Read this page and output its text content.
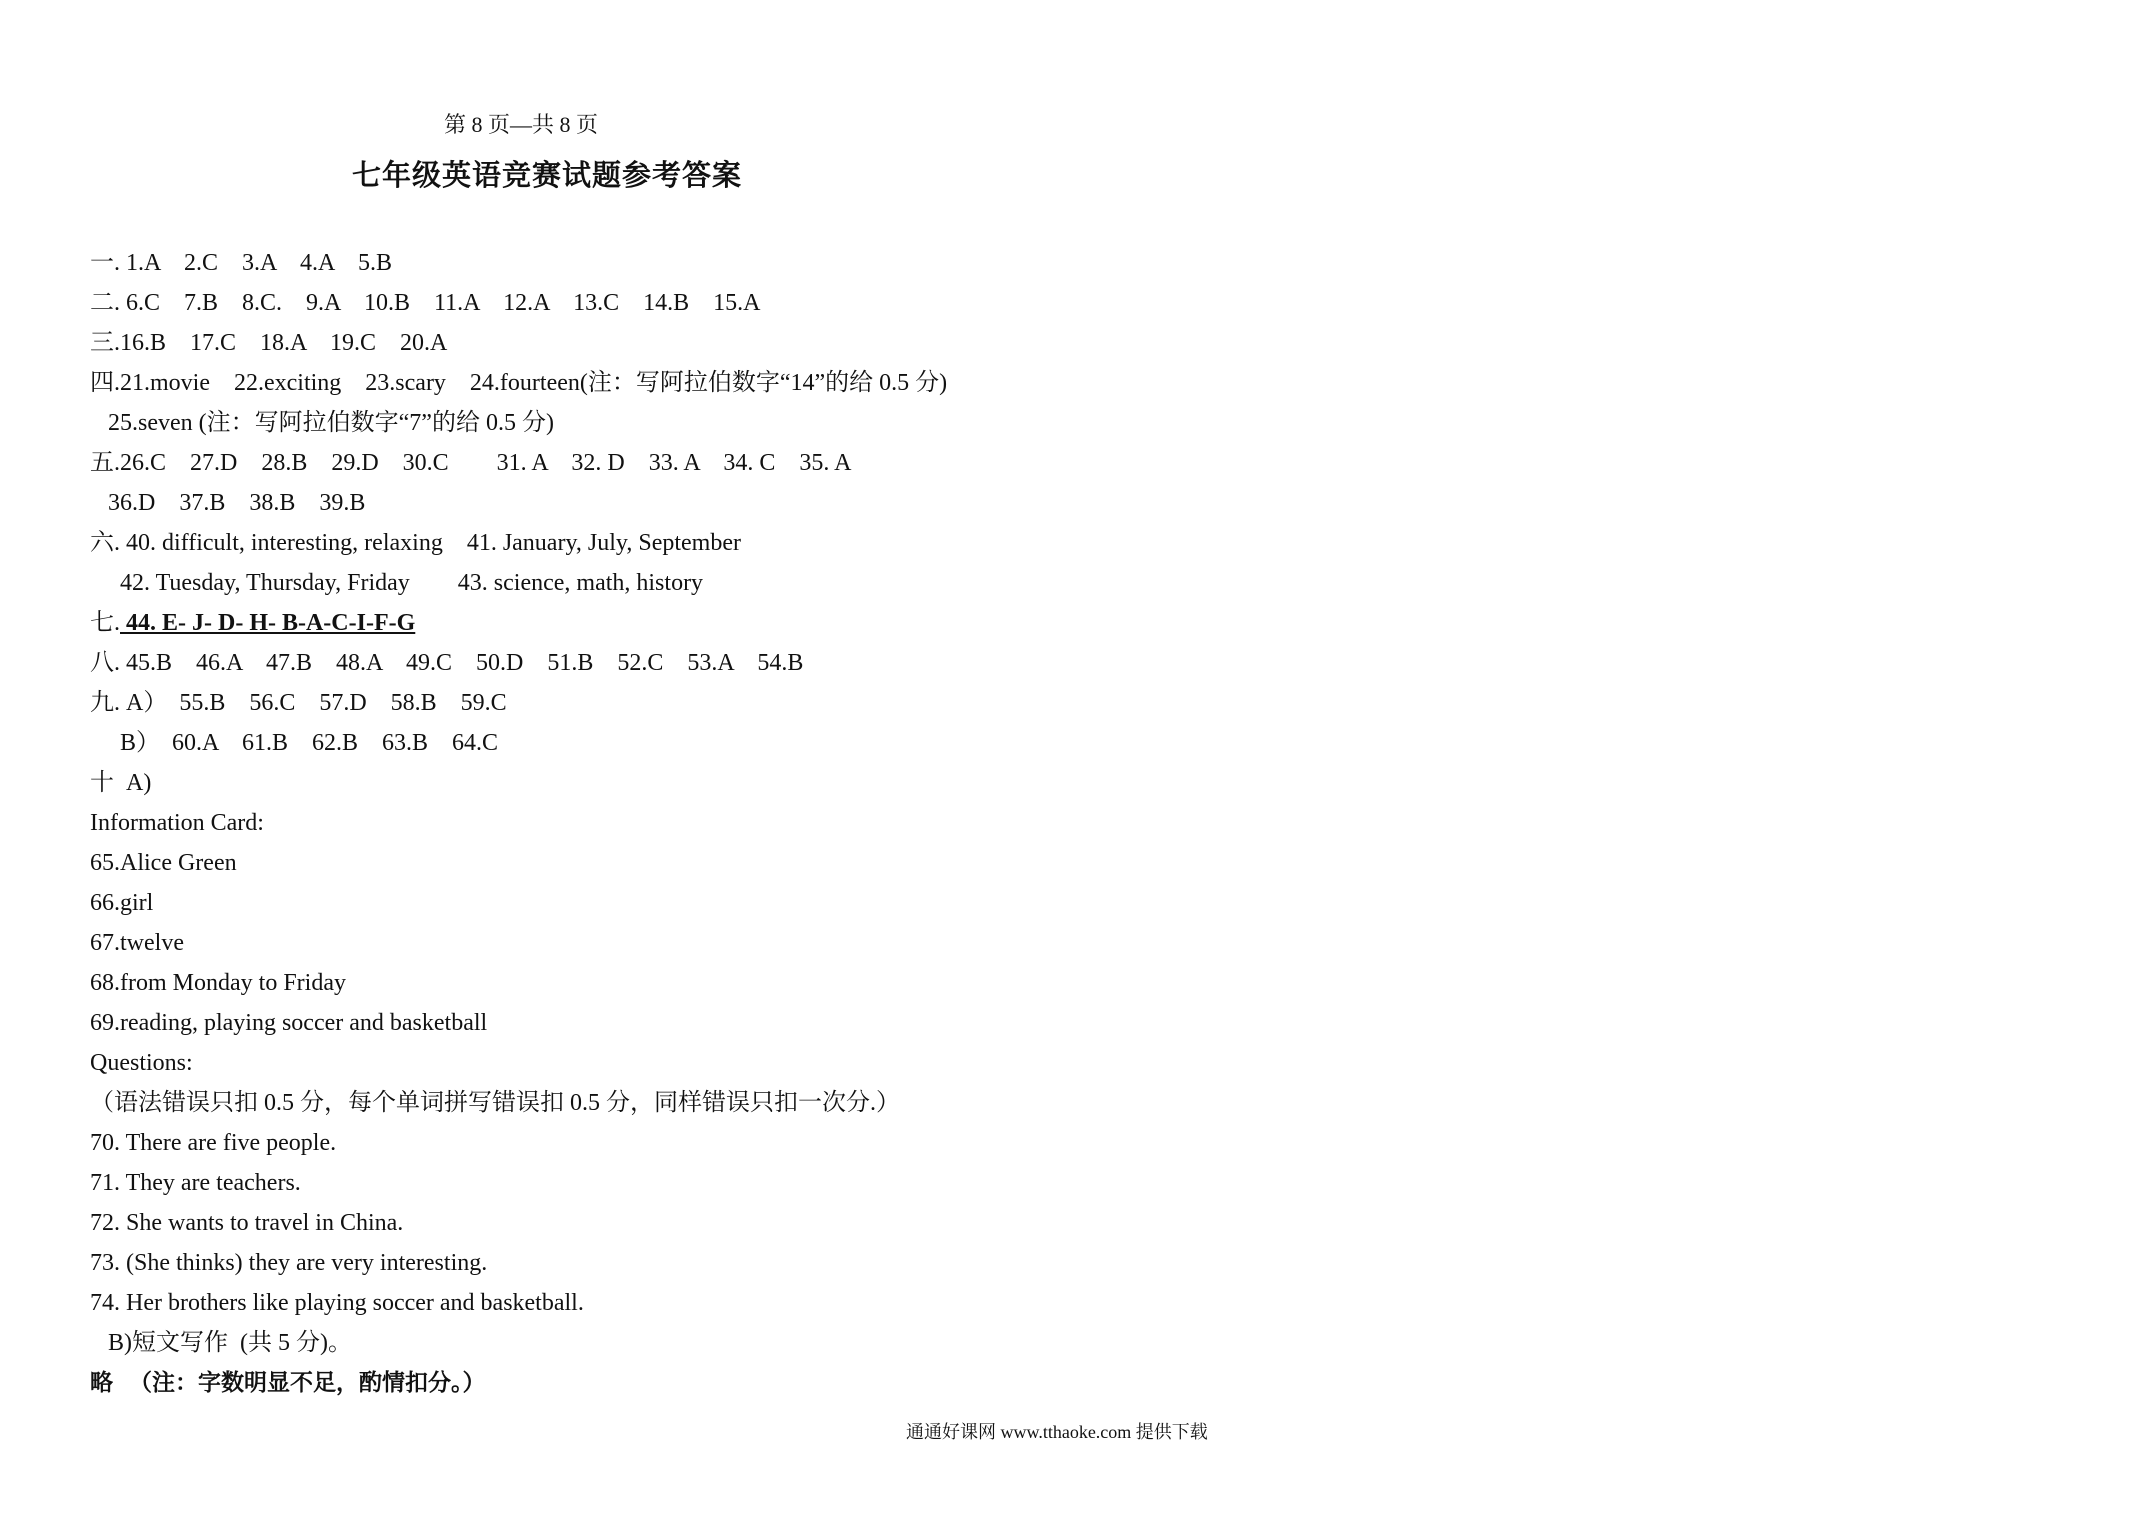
第 8 页—共 8 页
七年级英语竞赛试题参考答案
一. 1.A    2.C    3.A    4.A    5.B
二. 6.C    7.B    8.C.    9.A    10.B    11.A    12.A    13.C    14.B    15.A
三.16.B    17.C    18.A    19.C    20.A
四.21.movie    22.exciting    23.scary    24.fourteen(注：写阿拉伯数字“14”的给 0.5 分)
25.seven (注：写阿拉伯数字“7”的给 0.5 分)
五.26.C    27.D    28.B    29.D    30.C        31. A    32. D    33. A    34. C    35. A
36.D    37.B    38.B    39.B
六. 40. difficult, interesting, relaxing    41. January, July, September
42. Tuesday, Thursday, Friday        43. science, math, history
七. 44. E- J- D- H- B-A-C-I-F-G
八. 45.B    46.A    47.B    48.A    49.C    50.D    51.B    52.C    53.A    54.B
九. A）  55.B    56.C    57.D    58.B    59.C
B）  60.A    61.B    62.B    63.B    64.C
十  A)
Information Card:
65.Alice Green
66.girl
67.twelve
68.from Monday to Friday
69.reading, playing soccer and basketball
Questions:
（语法错误只扣 0.5 分，每个单词拼写错误扣 0.5 分，同样错误只扣一次分.）
70. There are five people.
71. They are teachers.
72. She wants to travel in China.
73. (She thinks) they are very interesting.
74. Her brothers like playing soccer and basketball.
B)短文写作  (共 5 分)。
略  （注：字数明显不足，酌情扣分。）
通通好课网 www.tthaoke.com 提供下载
